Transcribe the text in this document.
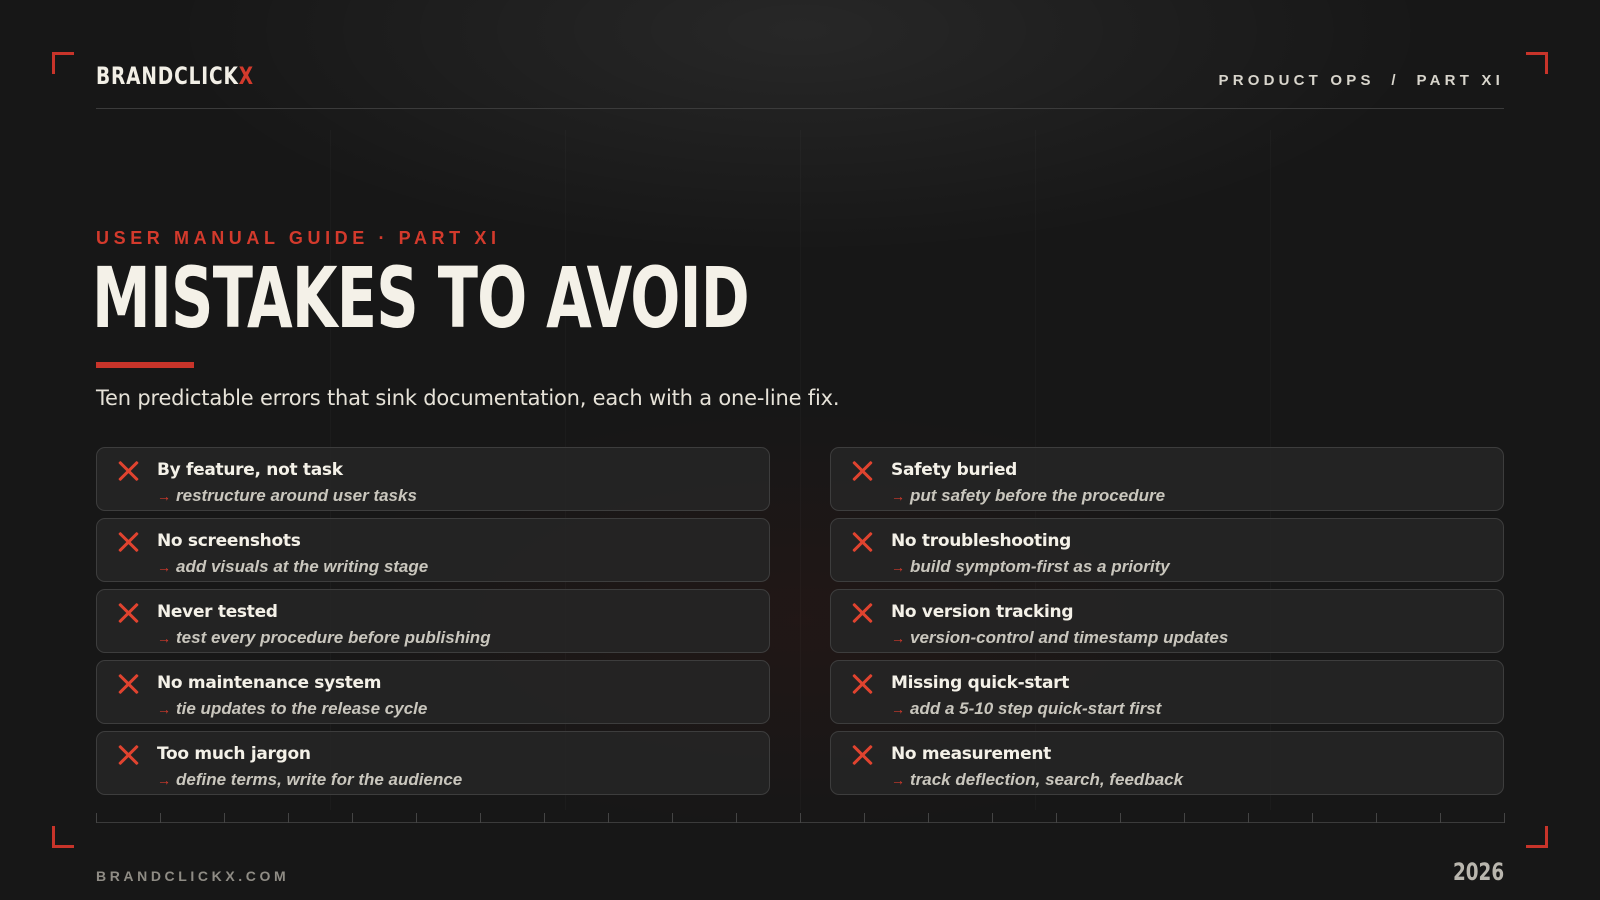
BRANDCLICKX	PRODUCT OPS  /  PART XI
USER MANUAL GUIDE · PART XI
MISTAKES TO AVOID
Ten predictable errors that sink documentation, each with a one-line fix.
By feature, not task
→ restructure around user tasks
Safety buried
→ put safety before the procedure
No screenshots
→ add visuals at the writing stage
No troubleshooting
→ build symptom-first as a priority
Never tested
→ test every procedure before publishing
No version tracking
→ version-control and timestamp updates
No maintenance system
→ tie updates to the release cycle
Missing quick-start
→ add a 5-10 step quick-start first
Too much jargon
→ define terms, write for the audience
No measurement
→ track deflection, search, feedback
BRANDCLICKX.COM	2026
